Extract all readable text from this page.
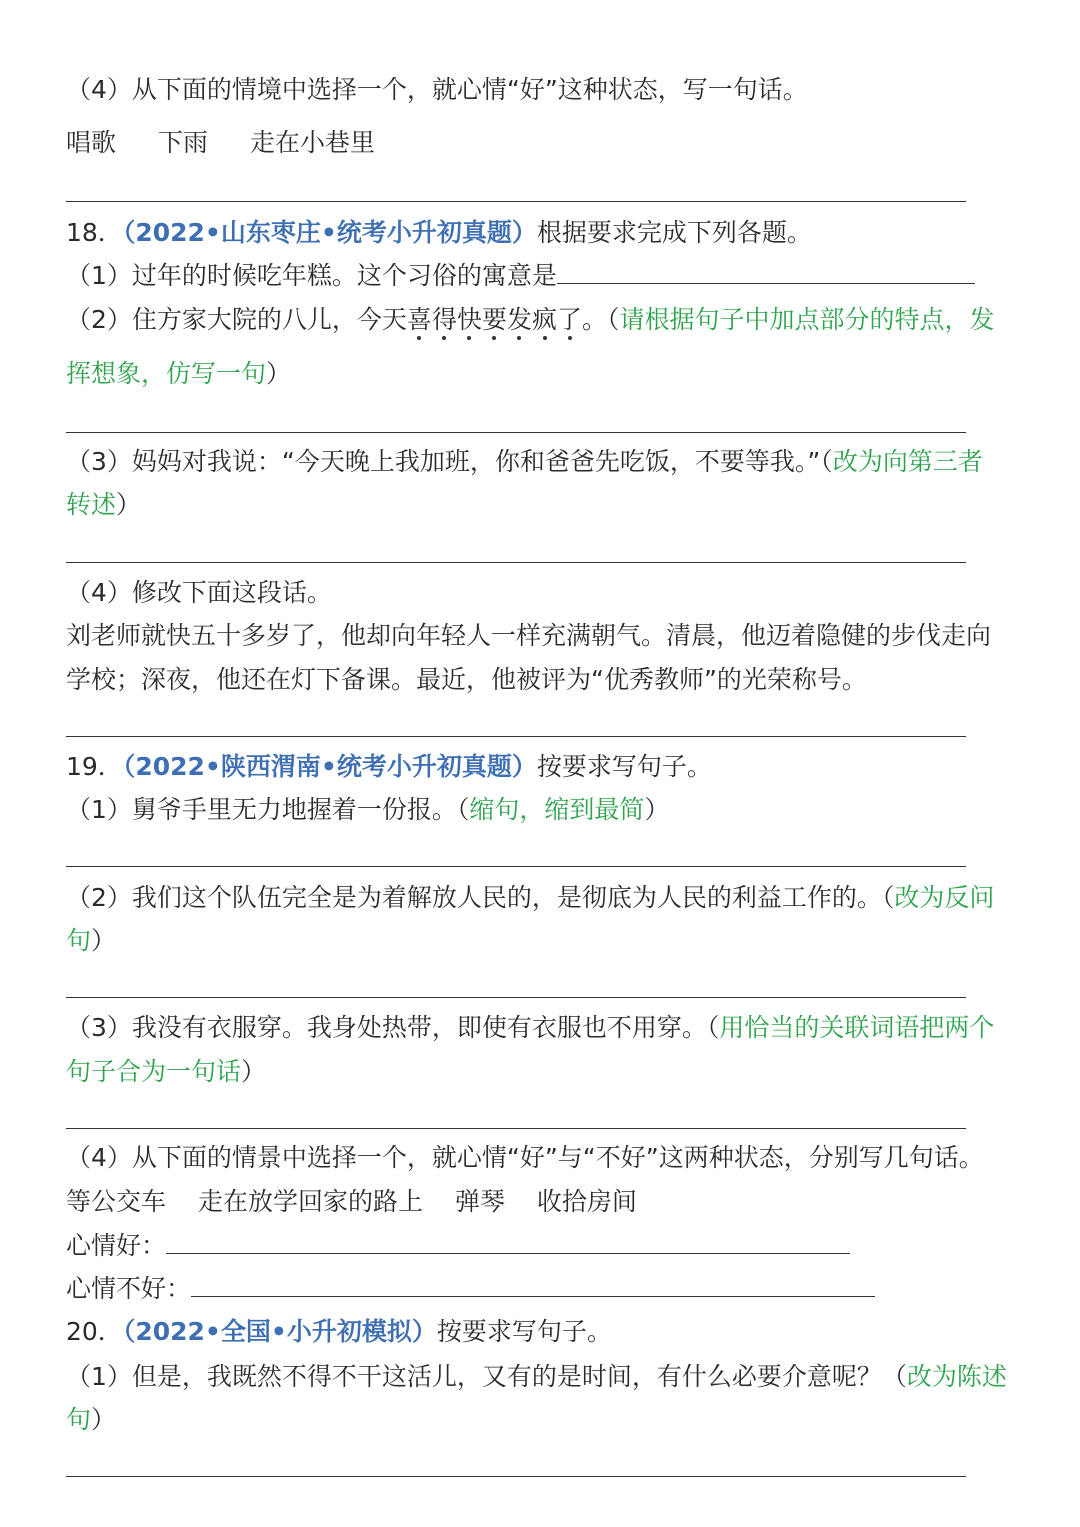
（4）从下面的情境中选择一个，就心情“好”这种状态，写一句话。
唱歌 下雨 走在小巷里
18．（2022•山东枣庄•统考小升初真题）根据要求完成下列各题。
（1）过年的时候吃年糕。这个习俗的寓意是
（2）住方家大院的八儿，今天喜得快要发疯了。（请根据句子中加点部分的特点，发
挥想象，仿写一句）
（3）妈妈对我说：“今天晚上我加班，你和爸爸先吃饭，不要等我。”（改为向第三者
转述）
（4）修改下面这段话。
刘老师就快五十多岁了，他却向年轻人一样充满朝气。清晨，他迈着隐健的步伐走向
学校；深夜，他还在灯下备课。最近，他被评为“优秀教师”的光荣称号。
19．（2022•陕西渭南•统考小升初真题）按要求写句子。
（1）舅爷手里无力地握着一份报。（缩句，缩到最简）
（2）我们这个队伍完全是为着解放人民的，是彻底为人民的利益工作的。（改为反问
句）
（3）我没有衣服穿。我身处热带，即使有衣服也不用穿。（用恰当的关联词语把两个
句子合为一句话）
（4）从下面的情景中选择一个，就心情“好”与“不好”这两种状态，分别写几句话。
等公交车 走在放学回家的路上 弹琴 收拾房间
心情好：
心情不好：
20．（2022•全国•小升初模拟）按要求写句子。
（1）但是，我既然不得不干这活儿，又有的是时间，有什么必要介意呢？（改为陈述
句）
